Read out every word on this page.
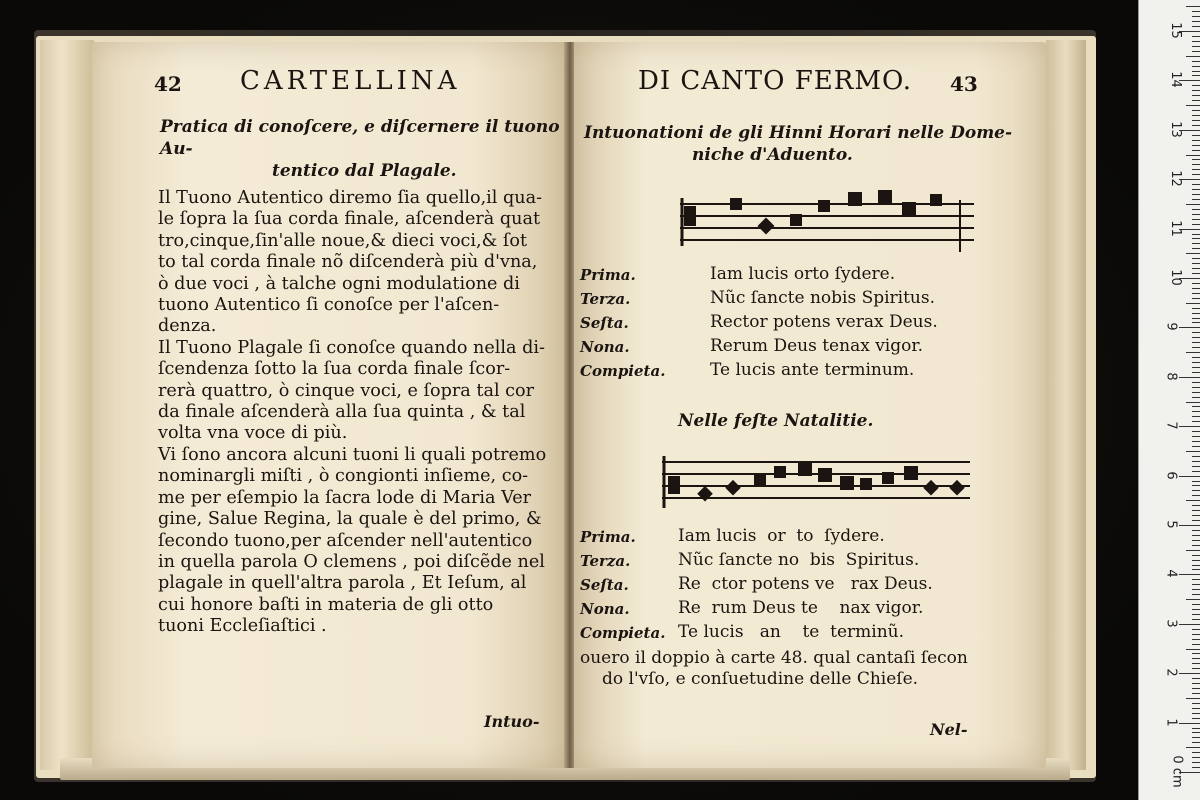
42 CARTELLINA
Pratica di conoſcere, e diſcernere il tuono Au-
tentico dal Plagale.
Il Tuono Autentico diremo ſia quello,il qua-
le ſopra la ſua corda finale, aſcenderà quat
tro,cinque,ſin'alle noue,& dieci voci,& ſot
to tal corda finale nõ diſcenderà più d'vna,
ò due voci , à talche ogni modulatione di
tuono Autentico ſi conoſce per l'aſcen-
denza.
Il Tuono Plagale ſi conoſce quando nella di-
ſcendenza ſotto la ſua corda finale ſcor-
rerà quattro, ò cinque voci, e ſopra tal cor
da finale aſcenderà alla ſua quinta , & tal
volta vna voce di più.
Vi ſono ancora alcuni tuoni li quali potremo
nominargli miſti , ò congionti inſieme, co-
me per eſempio la ſacra lode di Maria Ver
gine, Salue Regina, la quale è del primo, &
ſecondo tuono,per aſcender nell'autentico
in quella parola O clemens , poi diſcẽde nel
plagale in quell'altra parola , Et Ieſum, al
cui honore baſti in materia de gli otto
tuoni Eccleſiaſtici .
Intuo-
DI CANTO FERMO. 43
Intuonationi de gli Hinni Horari nelle Dome-
niche d'Aduento.
Prima.	Iam lucis orto ſydere.
Terza.	Nũc ſancte nobis Spiritus.
Seſta.	Rector potens verax Deus.
Nona.	Rerum Deus tenax vigor.
Compieta.	Te lucis ante terminum.
Nelle feſte Natalitie.
Prima. Iam lucis  or  to  ſydere.
Terza.	Nũc ſancte no  bis  Spiritus.
Seſta.	Re  ctor potens ve   rax Deus.
Nona.	Re  rum Deus te    nax vigor.
Compieta. Te lucis   an    te  terminũ.
ouero il doppio à carte 48. qual cantaſi ſecon
do l'vſo, e conſuetudine delle Chieſe.
Nel-
0 cm
1
2
3
4
5
6
7
8
9
10
11
12
13
14
15
